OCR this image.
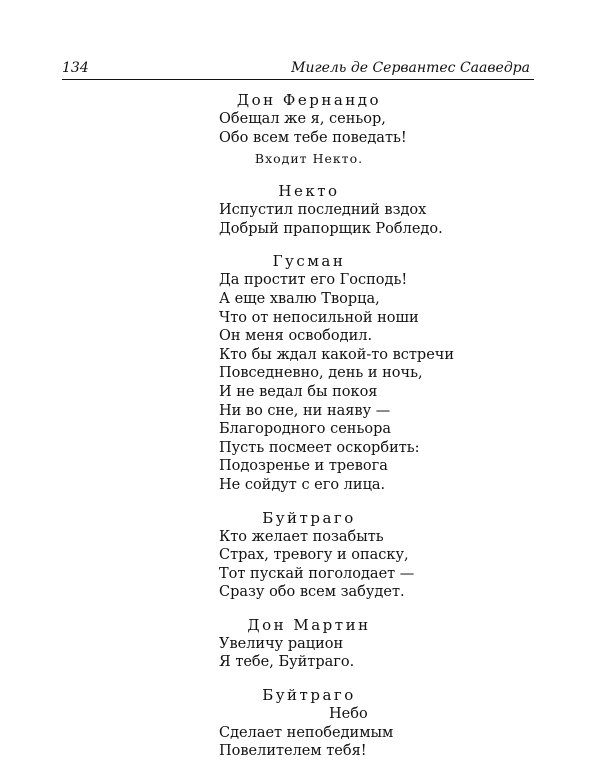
134	Мигель де Сервантес Сааведра
Дон Фернандо
Обещал же я, сеньор,
Обо всем тебе поведать!
Входит Некто.
Некто
Испустил последний вздох
Добрый прапорщик Робледо.
Гусман
Да простит его Господь!
А еще хвалю Творца,
Что от непосильной ноши
Он меня освободил.
Кто бы ждал какой-то встречи
Повседневно, день и ночь,
И не ведал бы покоя
Ни во сне, ни наяву —
Благородного сеньора
Пусть посмеет оскорбить:
Подозренье и тревога
Не сойдут с его лица.
Буйтраго
Кто желает позабыть
Страх, тревогу и опаску,
Тот пускай поголодает —
Сразу обо всем забудет.
Дон Мартин
Увеличу рацион
Я тебе, Буйтраго.
Буйтраго
Небо
Сделает непобедимым
Повелителем тебя!
